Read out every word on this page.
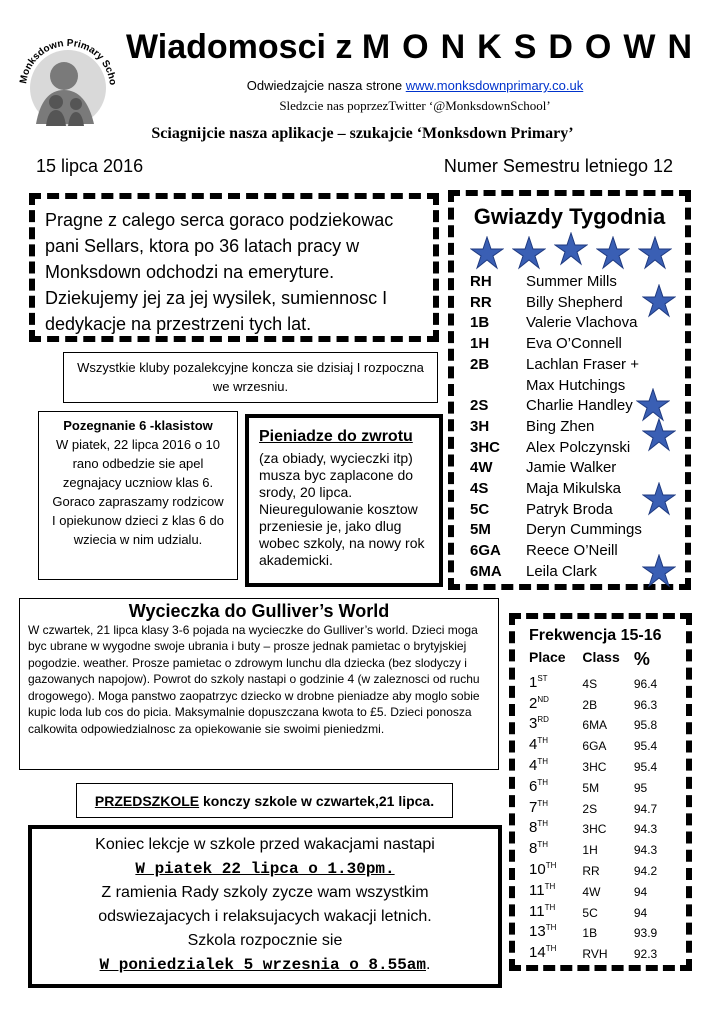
Monksdown Primary Scho
Wiadomosci z MONKSDOWN
Odwiedzajcie nasza strone www.monksdownprimary.co.uk
Sledzcie nas poprzezTwitter ‘@MonksdownSchool’
Sciagnijcie nasza aplikacje – szukajcie ‘Monksdown Primary’
15 lipca 2016	Numer Semestru letniego 12
Pragne z calego serca goraco podziekowac pani Sellars, ktora po 36 latach pracy w Monksdown odchodzi na emeryture. Dziekujemy jej za jej wysilek, sumiennosc I dedykacje na przestrzeni tych lat.
Wszystkie kluby pozalekcyjne koncza sie dzisiaj I rozpoczna we wrzesniu.
Pozegnanie 6 -klasistow
W piatek, 22 lipca 2016 o 10 rano odbedzie sie apel zegnajacy uczniow klas 6. Goraco zapraszamy rodzicow I opiekunow dzieci z klas 6 do wziecia w nim udzialu.
Pieniadze do zwrotu
(za obiady, wycieczki itp) musza byc zaplacone do srody, 20 lipca. Nieuregulowanie kosztow przeniesie je, jako dlug wobec szkoly, na nowy rok akademicki.
Gwiazdy Tygodnia
RH	Summer Mills
RR	Billy Shepherd
1B	Valerie Vlachova
1H	Eva O’Connell
2B	Lachlan Fraser +
Max Hutchings
2S	Charlie Handley
3H	Bing Zhen
3HC	Alex Polczynski
4W	Jamie Walker
4S	Maja Mikulska
5C	Patryk Broda
5M	Deryn Cummings
6GA	Reece O’Neill
6MA	Leila Clark
Wycieczka do Gulliver’s World
W czwartek, 21 lipca klasy 3-6 pojada na wycieczke do Gulliver’s world. Dzieci moga byc ubrane w wygodne swoje ubrania i buty – prosze jednak pamietac o brytyjskiej pogodzie. weather. Prosze pamietac o zdrowym lunchu dla dziecka (bez slodyczy i gazowanych napojow). Powrot do szkoly nastapi o godzinie 4 (w zaleznosci od ruchu drogowego). Moga panstwo zaopatrzyc dziecko w drobne pieniadze aby moglo sobie kupic loda lub cos do picia. Maksymalnie dopuszczana kwota to £5. Dzieci ponosza calkowita odpowiedzialnosc za opiekowanie sie swoimi pieniedzmi.
PRZEDSZKOLE konczy szkole w czwartek,21 lipca.
Koniec lekcje w szkole przed wakacjami nastapi
W piatek 22 lipca o 1.30pm.
Z ramienia Rady szkoly zycze wam wszystkim odswiezajacych i relaksujacych wakacji letnich.
Szkola rozpocznie sie
W poniedzialek 5 wrzesnia o 8.55am.
Frekwencja 15-16
Place	Class %
1ST	4S	96.4
2ND	2B	96.3
3RD	6MA	95.8
4TH	6GA	95.4
4TH	3HC	95.4
6TH	5M	95
7TH	2S	94.7
8TH	3HC	94.3
8TH	1H	94.3
10TH	RR	94.2
11TH	4W	94
11TH	5C	94
13TH	1B	93.9
14TH	RVH	92.3
